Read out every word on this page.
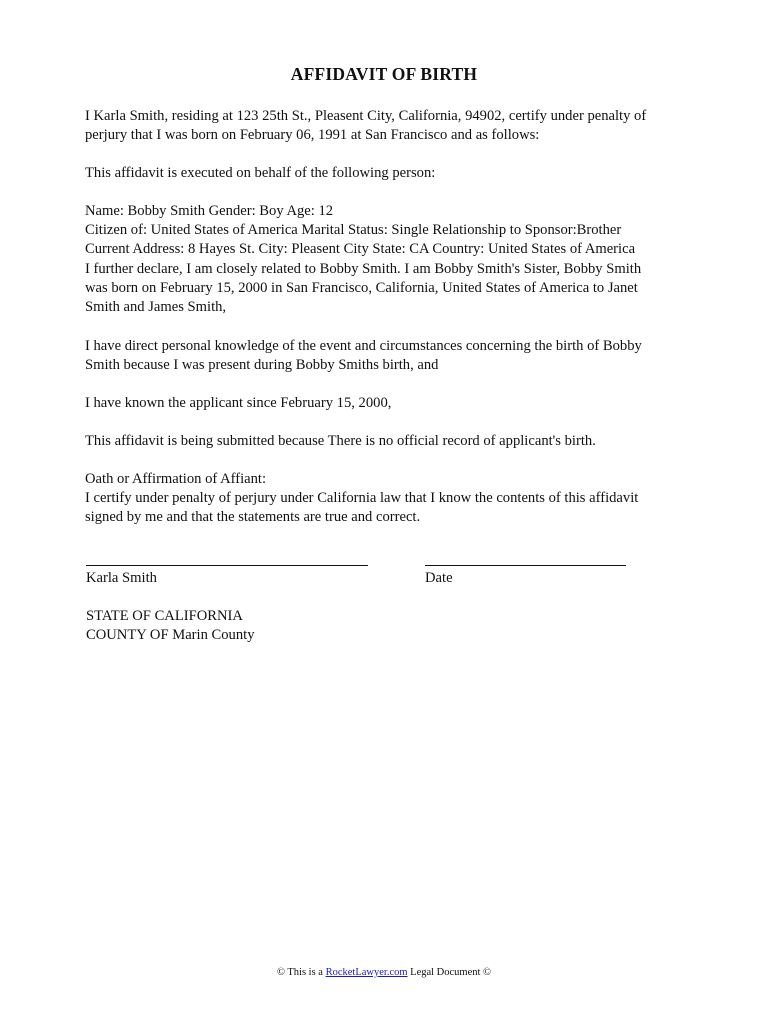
AFFIDAVIT OF BIRTH

I Karla Smith, residing at 123 25th St., Pleasent City, California, 94902, certify under penalty of
perjury that I was born on February 06, 1991 at San Francisco and as follows:

This affidavit is executed on behalf of the following person:

Name: Bobby Smith Gender: Boy Age: 12
Citizen of: United States of America Marital Status: Single Relationship to Sponsor:Brother
Current Address: 8 Hayes St. City: Pleasent City State: CA Country: United States of America
I further declare, I am closely related to Bobby Smith. I am Bobby Smith's Sister, Bobby Smith
was born on February 15, 2000 in San Francisco, California, United States of America to Janet
Smith and James Smith,

I have direct personal knowledge of the event and circumstances concerning the birth of Bobby
Smith because I was present during Bobby Smiths birth, and

I have known the applicant since February 15, 2000,

This affidavit is being submitted because There is no official record of applicant's birth.

Oath or Affirmation of Affiant:
I certify under penalty of perjury under California law that I know the contents of this affidavit
signed by me and that the statements are true and correct.

Karla Smith	Date
STATE OF CALIFORNIA
COUNTY OF Marin County
© This is a RocketLawyer.com Legal Document ©
